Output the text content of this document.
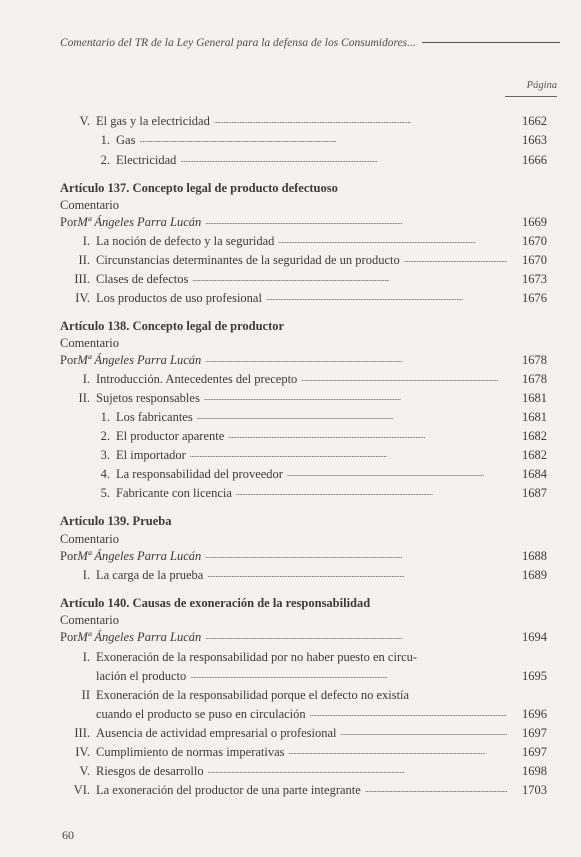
Comentario del TR de la Ley General para la defensa de los Consumidores...
Página
V. El gas y la electricidad . . .	1662
1. Gas . . .	1663
2. Electricidad . . .	1666
Artículo 137. Concepto legal de producto defectuoso
Comentario
Por Mª Ángeles Parra Lucán . . .	1669
I. La noción de defecto y la seguridad . . .	1670
II. Circunstancias determinantes de la seguridad de un producto . . .	1670
III. Clases de defectos . . .	1673
IV. Los productos de uso profesional . . .	1676
Artículo 138. Concepto legal de productor
Comentario
Por Mª Ángeles Parra Lucán . . .	1678
I. Introducción. Antecedentes del precepto . . .	1678
II. Sujetos responsables . . .	1681
1. Los fabricantes . . .	1681
2. El productor aparente . . .	1682
3. El importador . . .	1682
4. La responsabilidad del proveedor . . .	1684
5. Fabricante con licencia . . .	1687
Artículo 139. Prueba
Comentario
Por Mª Ángeles Parra Lucán . . .	1688
I. La carga de la prueba . . .	1689
Artículo 140. Causas de exoneración de la responsabilidad
Comentario
Por Mª Ángeles Parra Lucán . . .	1694
I. Exoneración de la responsabilidad por no haber puesto en circu-
lación el producto . . .	1695
II Exoneración de la responsabilidad porque el defecto no existía
cuando el producto se puso en circulación . . .	1696
III. Ausencia de actividad empresarial o profesional . . .	1697
IV. Cumplimiento de normas imperativas . . .	1697
V. Riesgos de desarrollo . . .	1698
VI. La exoneración del productor de una parte integrante . . .	1703
60
